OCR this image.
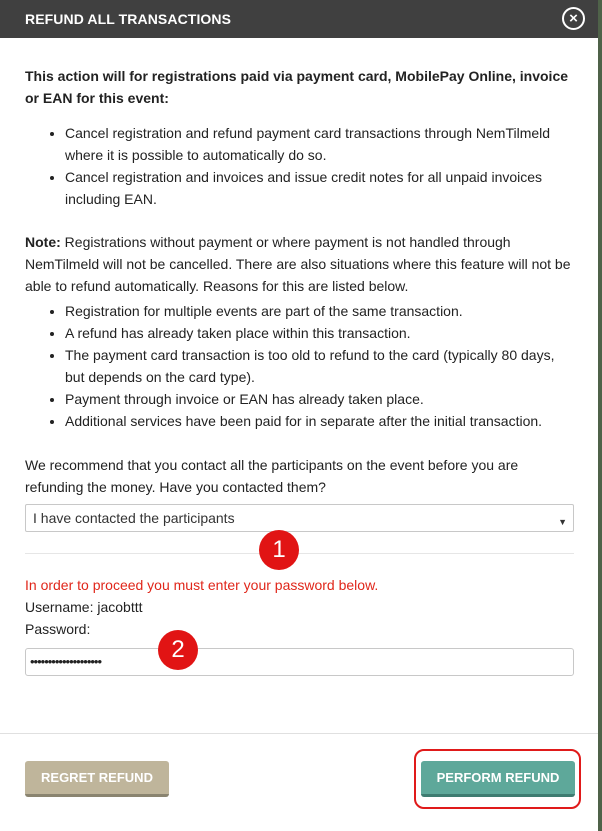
REFUND ALL TRANSACTIONS	×
This action will for registrations paid via payment card, MobilePay Online, invoice or EAN for this event:
• Cancel registration and refund payment card transactions through NemTilmeld where it is possible to automatically do so.
• Cancel registration and invoices and issue credit notes for all unpaid invoices including EAN.
Note: Registrations without payment or where payment is not handled through NemTilmeld will not be cancelled. There are also situations where this feature will not be able to refund automatically. Reasons for this are listed below.
• Registration for multiple events are part of the same transaction.
• A refund has already taken place within this transaction.
• The payment card transaction is too old to refund to the card (typically 80 days, but depends on the card type).
• Payment through invoice or EAN has already taken place.
• Additional services have been paid for in separate after the initial transaction.
We recommend that you contact all the participants on the event before you are refunding the money. Have you contacted them?
I have contacted the participants	▼
In order to proceed you must enter your password below.
Username: jacobttt
Password:
••••••••••••••••••••
REGRET REFUND	PERFORM REFUND
1
2
